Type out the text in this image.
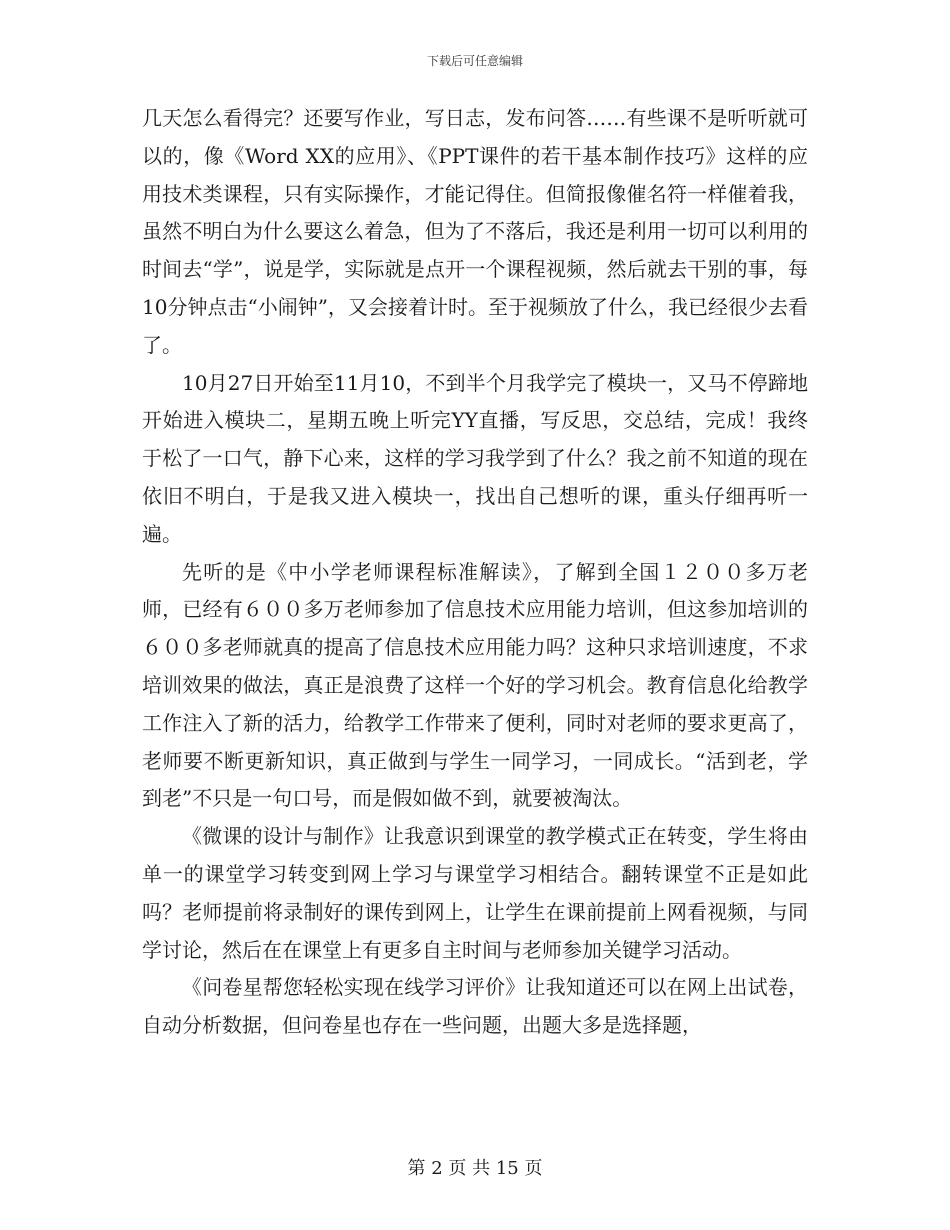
下载后可任意编辑

几天怎么看得完？还要写作业，写日志，发布问答……有些课不是听听就可以的，像《Word XX的应用》、《PPT课件的若干基本制作技巧》这样的应用技术类课程，只有实际操作，才能记得住。但简报像催名符一样催着我，虽然不明白为什么要这么着急，但为了不落后，我还是利用一切可以利用的时间去“学”，说是学，实际就是点开一个课程视频，然后就去干别的事，每10分钟点击“小闹钟”，又会接着计时。至于视频放了什么，我已经很少去看了。

10月27日开始至11月10，不到半个月我学完了模块一，又马不停蹄地开始进入模块二，星期五晚上听完YY直播，写反思，交总结，完成！我终于松了一口气，静下心来，这样的学习我学到了什么？我之前不知道的现在依旧不明白，于是我又进入模块一，找出自己想听的课，重头仔细再听一遍。

先听的是《中小学老师课程标准解读》，了解到全国１２００多万老师，已经有６００多万老师参加了信息技术应用能力培训，但这参加培训的６００多老师就真的提高了信息技术应用能力吗？这种只求培训速度，不求培训效果的做法，真正是浪费了这样一个好的学习机会。教育信息化给教学工作注入了新的活力，给教学工作带来了便利，同时对老师的要求更高了，老师要不断更新知识，真正做到与学生一同学习，一同成长。“活到老，学到老”不只是一句口号，而是假如做不到，就要被淘汰。

《微课的设计与制作》让我意识到课堂的教学模式正在转变，学生将由单一的课堂学习转变到网上学习与课堂学习相结合。翻转课堂不正是如此吗？老师提前将录制好的课传到网上，让学生在课前提前上网看视频，与同学讨论，然后在在课堂上有更多自主时间与老师参加关键学习活动。

《问卷星帮您轻松实现在线学习评价》让我知道还可以在网上出试卷，自动分析数据，但问卷星也存在一些问题，出题大多是选择题，

第 2 页 共 15 页
